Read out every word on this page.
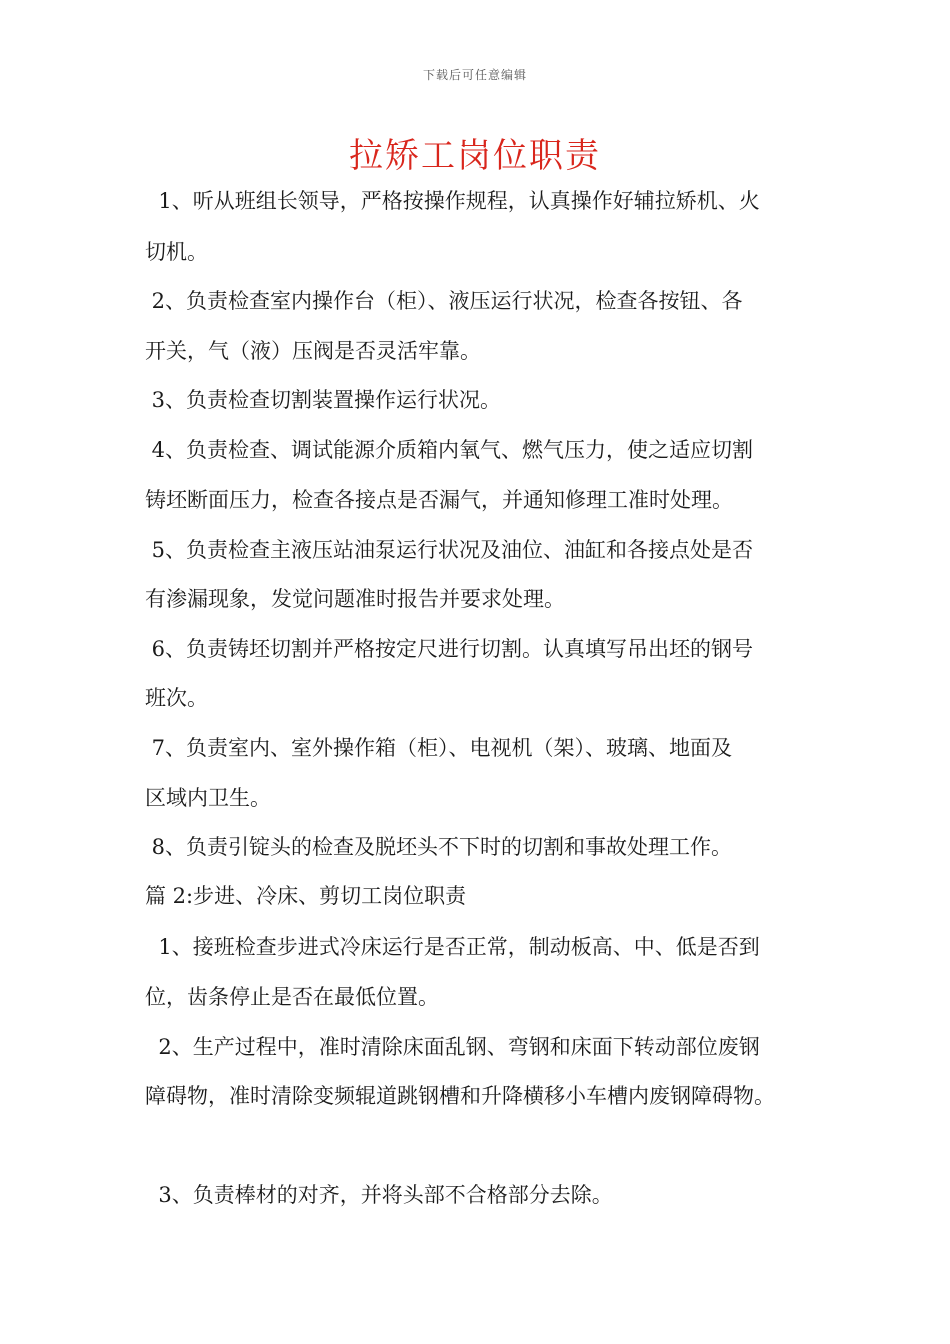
下载后可任意编辑
拉矫工岗位职责

1、听从班组长领导，严格按操作规程，认真操作好辅拉矫机、火

切机。

2、负责检查室内操作台（柜）、液压运行状况，检查各按钮、各

开关，气（液）压阀是否灵活牢靠。

3、负责检查切割装置操作运行状况。

4、负责检查、调试能源介质箱内氧气、燃气压力，使之适应切割

铸坯断面压力，检查各接点是否漏气，并通知修理工准时处理。

5、负责检查主液压站油泵运行状况及油位、油缸和各接点处是否

有渗漏现象，发觉问题准时报告并要求处理。

6、负责铸坯切割并严格按定尺进行切割。认真填写吊出坯的钢号

班次。

7、负责室内、室外操作箱（柜）、电视机（架）、玻璃、地面及

区域内卫生。

8、负责引锭头的检查及脱坯头不下时的切割和事故处理工作。

篇 2:步进、冷床、剪切工岗位职责

1、接班检查步进式冷床运行是否正常，制动板高、中、低是否到

位，齿条停止是否在最低位置。

2、生产过程中，准时清除床面乱钢、弯钢和床面下转动部位废钢

障碍物，准时清除变频辊道跳钢槽和升降横移小车槽内废钢障碍物。

3、负责棒材的对齐，并将头部不合格部分去除。
